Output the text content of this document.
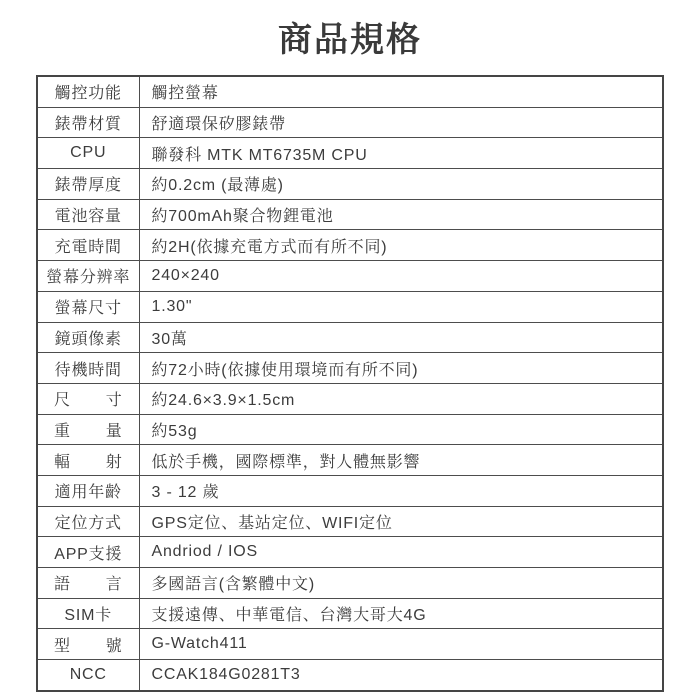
商品規格
觸控功能	觸控螢幕
錶帶材質	舒適環保矽膠錶帶
CPU	聯發科 MTK MT6735M CPU
錶帶厚度	約0.2cm (最薄處)
電池容量	約700mAh聚合物鋰電池
充電時間	約2H(依據充電方式而有所不同)
螢幕分辨率	240×240
螢幕尺寸	1.30"
鏡頭像素	30萬
待機時間	約72小時(依據使用環境而有所不同)
尺寸	約24.6×3.9×1.5cm
重量	約53g
輻射	低於手機，國際標準，對人體無影響
適用年齡	3 - 12 歲
定位方式	GPS定位、基站定位、WIFI定位
APP支援	Andriod / IOS
語言	多國語言(含繁體中文)
SIM卡	支援遠傳、中華電信、台灣大哥大4G
型號	G-Watch411
NCC	CCAK184G0281T3
